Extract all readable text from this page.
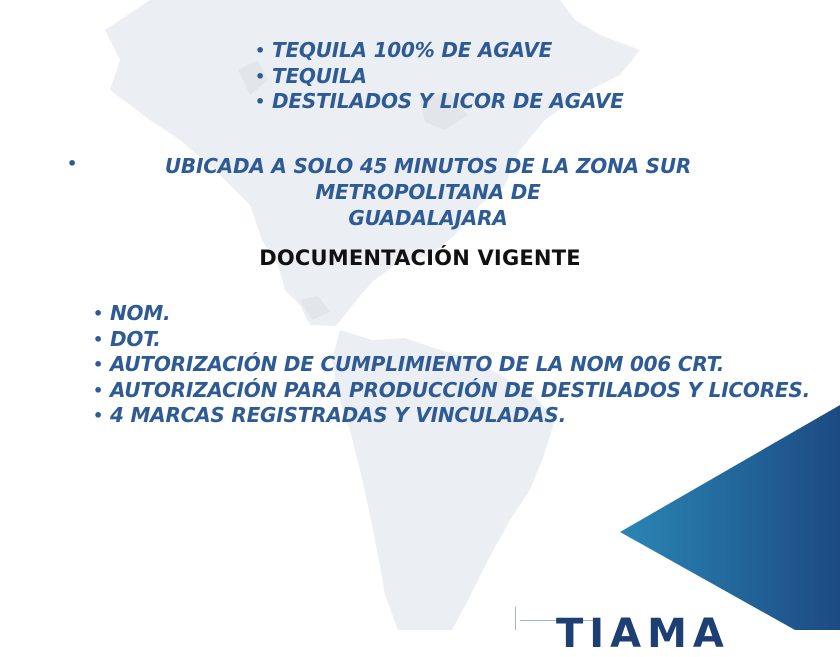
• TEQUILA 100% DE AGAVE
• TEQUILA
• DESTILADOS Y LICOR DE AGAVE
•	UBICADA A SOLO 45 MINUTOS DE LA ZONA SUR METROPOLITANA DE
GUADALAJARA
DOCUMENTACIÓN VIGENTE
• NOM.
• DOT.
• AUTORIZACIÓN DE CUMPLIMIENTO DE LA NOM 006 CRT.
• AUTORIZACIÓN PARA PRODUCCIÓN DE DESTILADOS Y LICORES.
• 4 MARCAS REGISTRADAS Y VINCULADAS.
TIAMA
